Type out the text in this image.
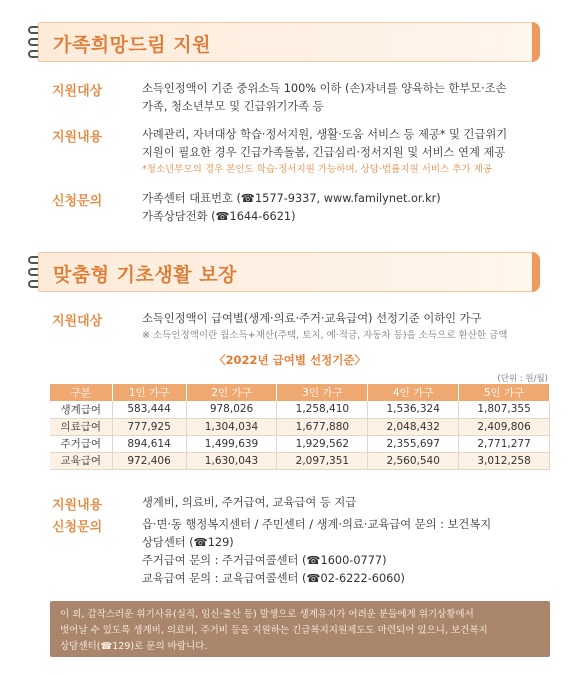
가족희망드림 지원
지원대상	소득인정액이 기준 중위소득 100% 이하 (손)자녀를 양육하는 한부모·조손
가족, 청소년부모 및 긴급위기가족 등
지원내용	사례관리, 자녀대상 학습·정서지원, 생활·도움 서비스 등 제공* 및 긴급위기
지원이 필요한 경우 긴급가족돌봄, 긴급심리·정서지원 및 서비스 연계 제공
*청소년부모의 경우 본인도 학습·정서지원 가능하며, 상담·법률지원 서비스 추가 제공
신청문의	가족센터 대표번호 (☎1577-9337, www.familynet.or.kr)
가족상담전화 (☎1644-6621)
맞춤형 기초생활 보장
지원대상	소득인정액이 급여별(생계·의료·주거·교육급여) 선정기준 이하인 가구
※ 소득인정액이란 월소득+재산(주택, 토지, 예·적금, 자동차 등)을 소득으로 환산한 금액
〈2022년 급여별 선정기준〉
(단위 : 원/월)
구분	1인 가구	2인 가구	3인 가구	4인 가구	5인 가구
생계급여	583,444	978,026	1,258,410	1,536,324	1,807,355
의료급여	777,925	1,304,034	1,677,880	2,048,432	2,409,806
주거급여	894,614	1,499,639	1,929,562	2,355,697	2,771,277
교육급여	972,406	1,630,043	2,097,351	2,560,540	3,012,258
지원내용	생계비, 의료비, 주거급여, 교육급여 등 지급
신청문의	읍·면·동 행정복지센터 / 주민센터 / 생계·의료·교육급여 문의 : 보건복지
상담센터 (☎129)
주거급여 문의 : 주거급여콜센터 (☎1600-0777)
교육급여 문의 : 교육급여콜센터 (☎02-6222-6060)
이 외, 갑작스러운 위기사유(실직, 임신·출산 등) 발생으로 생계유지가 어려운 분들에게 위기상황에서
벗어날 수 있도록 생계비, 의료비, 주거비 등을 지원하는 긴급복지지원제도도 마련되어 있으니, 보건복지
상담센터(☎129)로 문의 바랍니다.
